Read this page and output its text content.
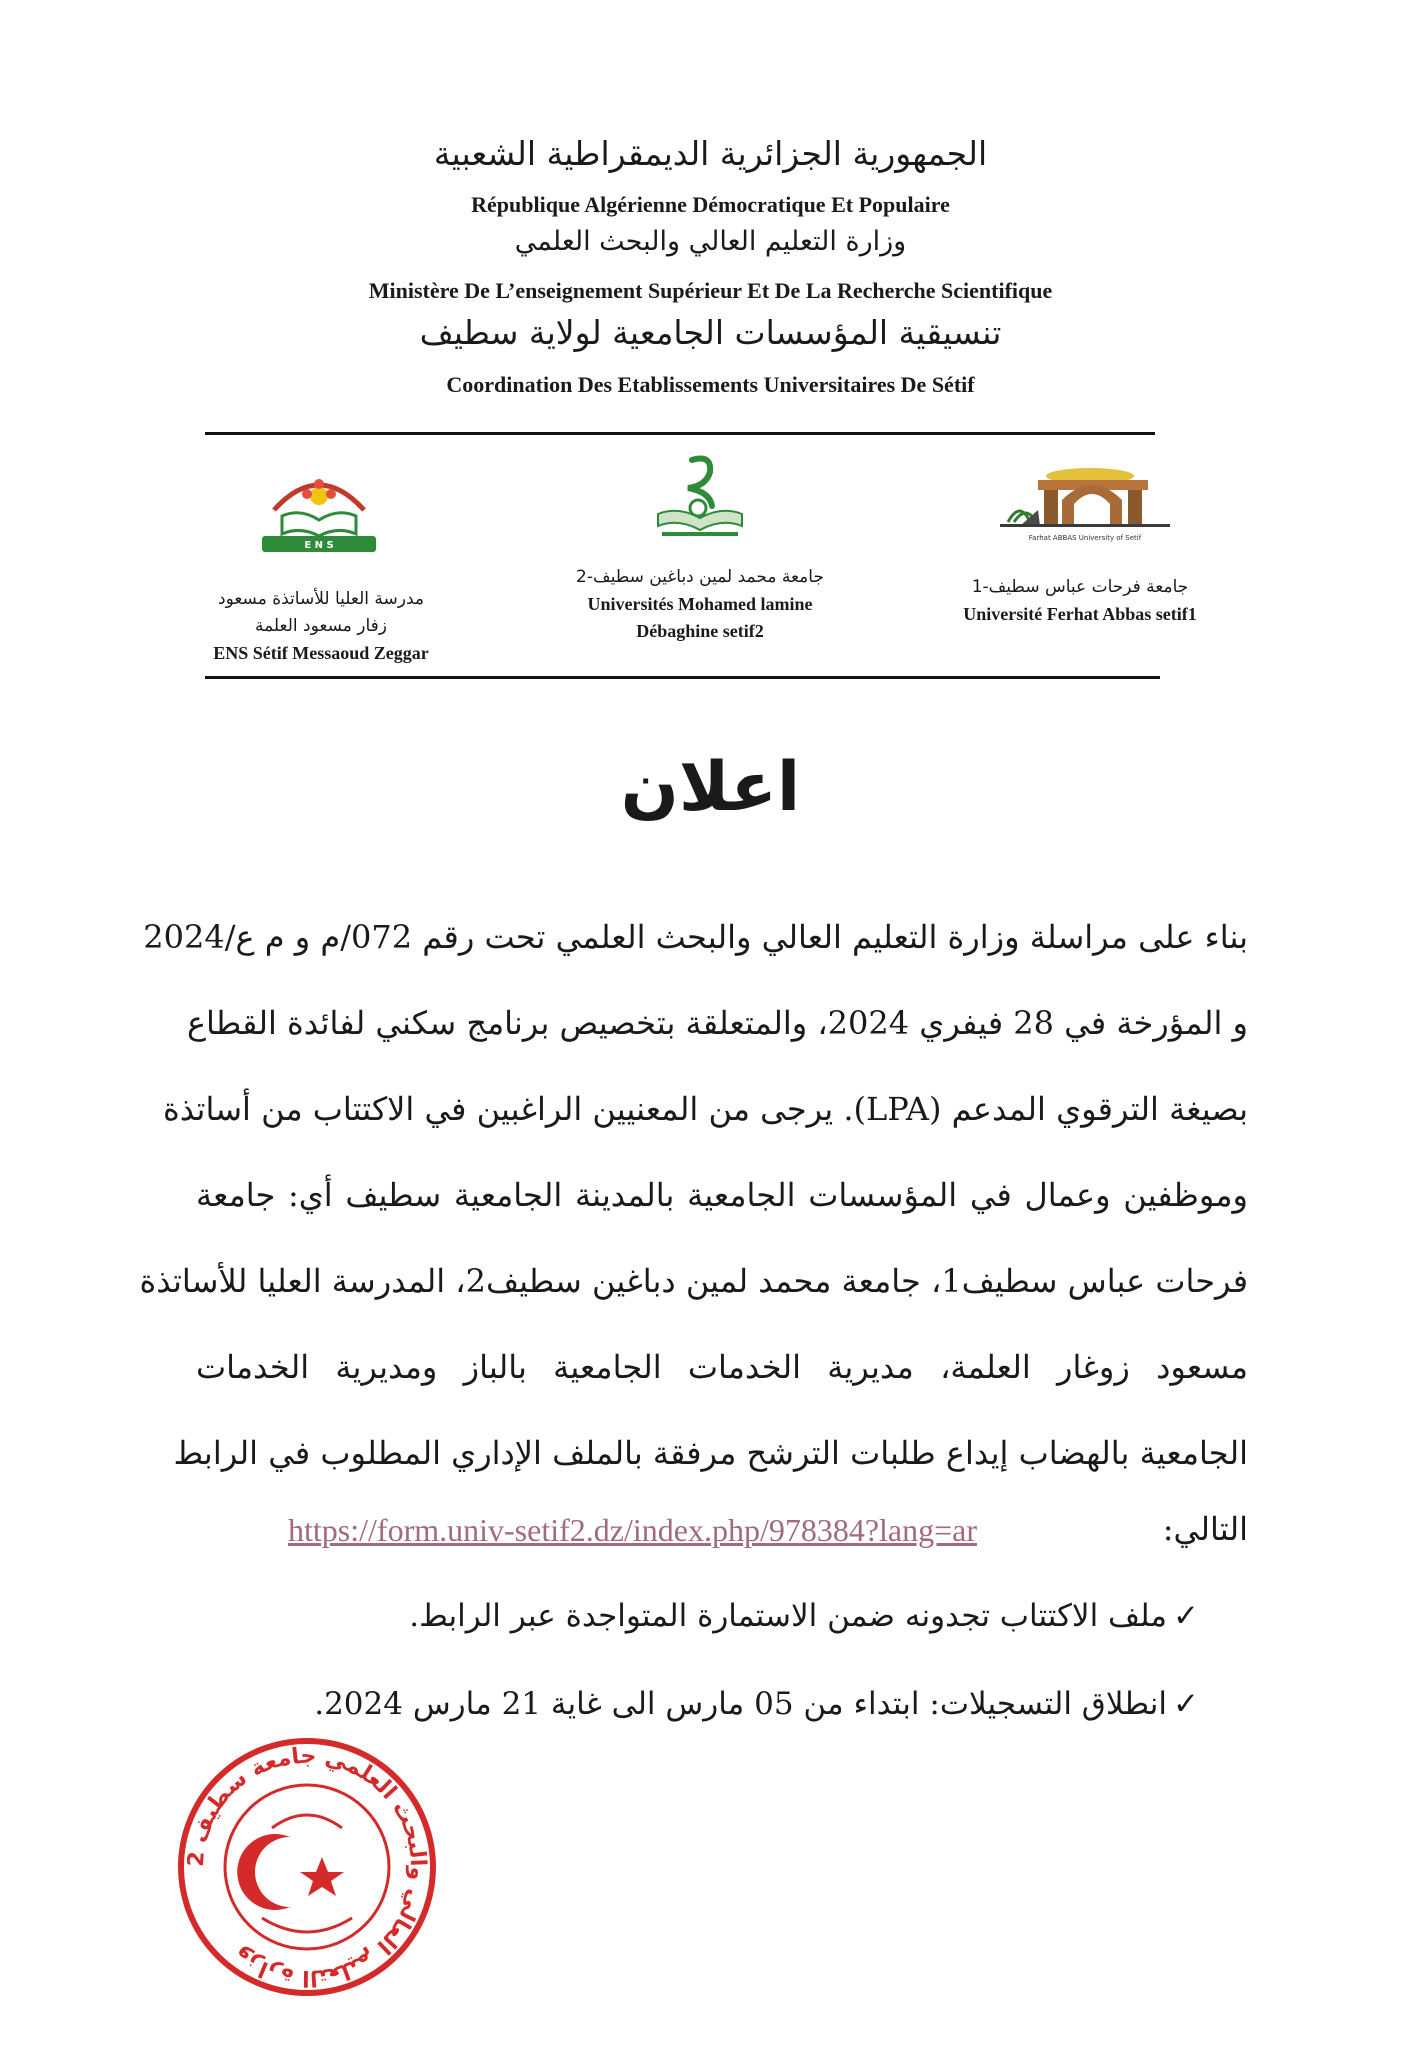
الجمهورية الجزائرية الديمقراطية الشعبية
République Algérienne Démocratique Et Populaire
وزارة التعليم العالي والبحث العلمي
Ministère De L’enseignement Supérieur Et De La Recherche Scientifique
تنسيقية المؤسسات الجامعية لولاية سطيف
Coordination Des Etablissements Universitaires De Sétif
Farhat ABBAS University of Setif
جامعة فرحات عباس سطيف-1
Université Ferhat Abbas setif1
جامعة محمد لمين دباغين سطيف-2
Universités Mohamed lamine
Débaghine setif2
E N S
مدرسة العليا للأساتذة مسعود
زفار مسعود العلمة
ENS Sétif Messaoud Zeggar
اعلان
بناء على مراسلة وزارة التعليم العالي والبحث العلمي تحت رقم 072/م و م ع/2024
و المؤرخة في 28 فيفري 2024، والمتعلقة بتخصيص برنامج سكني لفائدة القطاع
بصيغة الترقوي المدعم (LPA). يرجى من المعنيين الراغبين في الاكتتاب من أساتذة
وموظفين وعمال في المؤسسات الجامعية بالمدينة الجامعية سطيف أي: جامعة
فرحات عباس سطيف1، جامعة محمد لمين دباغين سطيف2، المدرسة العليا للأساتذة
مسعود زوغار العلمة، مديرية الخدمات الجامعية بالباز ومديرية الخدمات
الجامعية بالهضاب إيداع طلبات الترشح مرفقة بالملف الإداري المطلوب في الرابط
التالي:
https://form.univ-setif2.dz/index.php/978384?lang=ar
✓ملف الاكتتاب تجدونه ضمن الاستمارة المتواجدة عبر الرابط.
✓انطلاق التسجيلات: ابتداء من 05 مارس الى غاية 21 مارس 2024.
وزارة التعليم العالي والبحث العلمي جامعة سطيف 2
